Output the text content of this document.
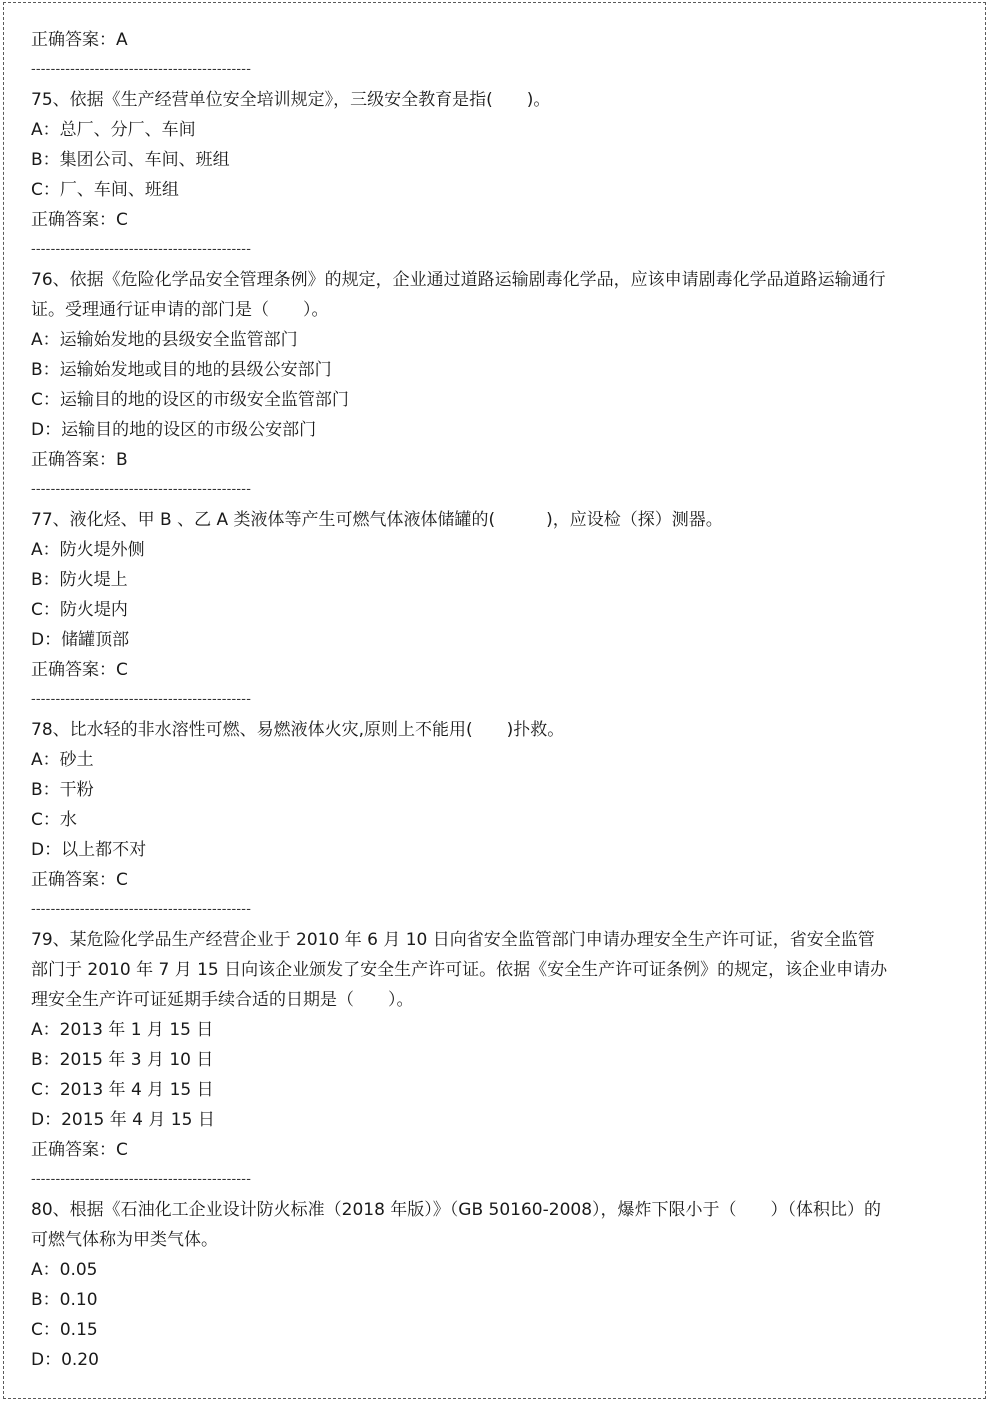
正确答案：A
---------------------------------------------
75、依据《生产经营单位安全培训规定》，三级安全教育是指(　　)。
A：总厂、分厂、车间
B：集团公司、车间、班组
C：厂、车间、班组
正确答案：C
---------------------------------------------
76、依据《危险化学品安全管理条例》的规定，企业通过道路运输剧毒化学品，应该申请剧毒化学品道路运输通行证。受理通行证申请的部门是（　　）。
A：运输始发地的县级安全监管部门
B：运输始发地或目的地的县级公安部门
C：运输目的地的设区的市级安全监管部门
D：运输目的地的设区的市级公安部门
正确答案：B
---------------------------------------------
77、液化烃、甲 B 、乙 A 类液体等产生可燃气体液体储罐的(　　　)，应设检（探）测器。
A：防火堤外侧
B：防火堤上
C：防火堤内
D：储罐顶部
正确答案：C
---------------------------------------------
78、比水轻的非水溶性可燃、易燃液体火灾,原则上不能用(　　)扑救。
A：砂土
B：干粉
C：水
D：以上都不对
正确答案：C
---------------------------------------------
79、某危险化学品生产经营企业于 2010 年 6 月 10 日向省安全监管部门申请办理安全生产许可证，省安全监管部门于 2010 年 7 月 15 日向该企业颁发了安全生产许可证。依据《安全生产许可证条例》的规定，该企业申请办理安全生产许可证延期手续合适的日期是（　　）。
A：2013 年 1 月 15 日
B：2015 年 3 月 10 日
C：2013 年 4 月 15 日
D：2015 年 4 月 15 日
正确答案：C
---------------------------------------------
80、根据《石油化工企业设计防火标准（2018 年版）》（GB 50160-2008），爆炸下限小于（　　）（体积比）的可燃气体称为甲类气体。
A：0.05
B：0.10
C：0.15
D：0.20
